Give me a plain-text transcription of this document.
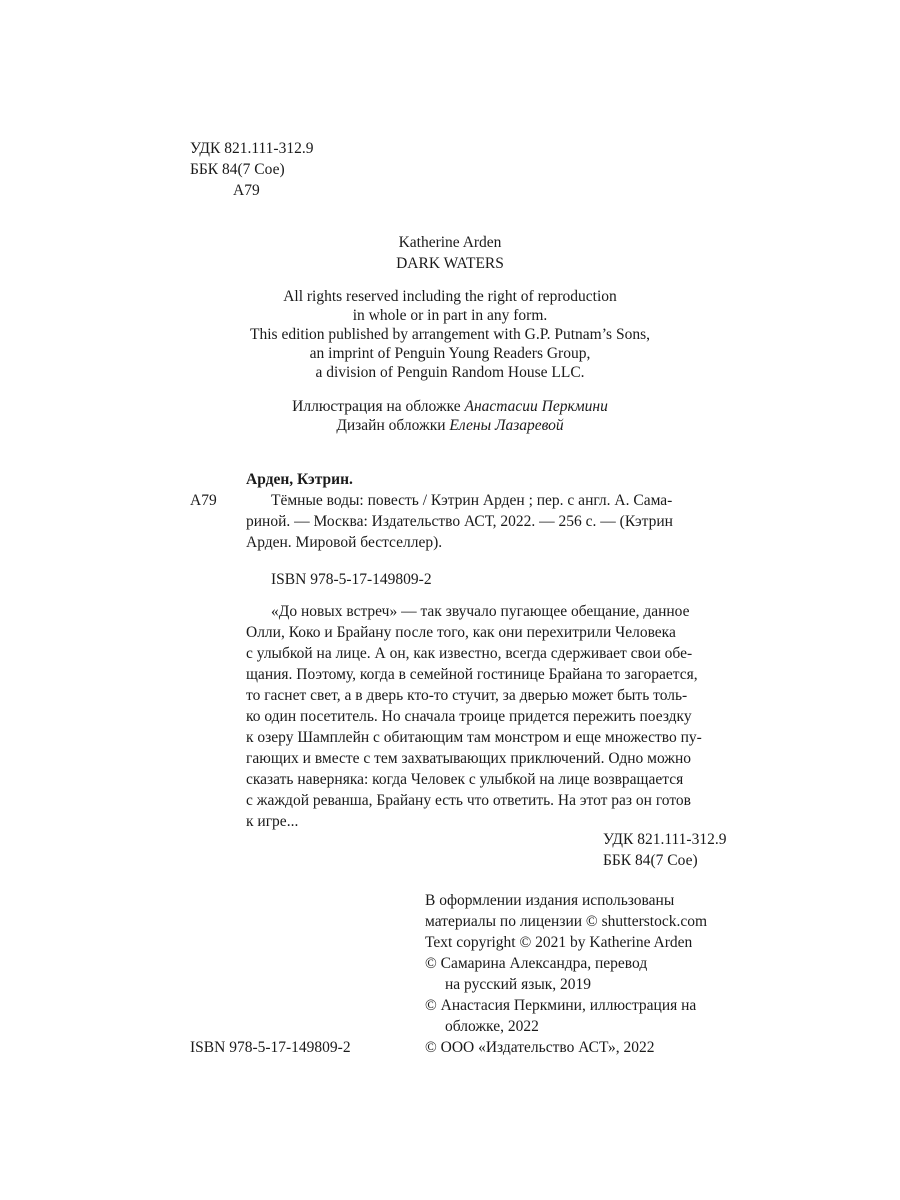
УДК 821.111-312.9
ББК 84(7 Сое)
А79
Katherine Arden
DARK WATERS
All rights reserved including the right of reproduction
in whole or in part in any form.
This edition published by arrangement with G.P. Putnam’s Sons,
an imprint of Penguin Young Readers Group,
a division of Penguin Random House LLC.
Иллюстрация на обложке Анастасии Перкмини
Дизайн обложки Елены Лазаревой
Арден, Кэтрин.
А79	Тёмные воды: повесть / Кэтрин Арден ; пер. с англ. А. Сама-
риной. — Москва: Издательство АСТ, 2022. — 256 с. — (Кэтрин
Арден. Мировой бестселлер).
ISBN 978-5-17-149809-2
«До новых встреч» — так звучало пугающее обещание, данное
Олли, Коко и Брайану после того, как они перехитрили Человека
с улыбкой на лице. А он, как известно, всегда сдерживает свои обе-
щания. Поэтому, когда в семейной гостинице Брайана то загорается,
то гаснет свет, а в дверь кто-то стучит, за дверью может быть толь-
ко один посетитель. Но сначала троице придется пережить поездку
к озеру Шамплейн с обитающим там монстром и еще множество пу-
гающих и вместе с тем захватывающих приключений. Одно можно
сказать наверняка: когда Человек с улыбкой на лице возвращается
с жаждой реванша, Брайану есть что ответить. На этот раз он готов
к игре...
УДК 821.111-312.9
ББК 84(7 Сое)
В оформлении издания использованы
материалы по лицензии © shutterstock.com
Text copyright © 2021 by Katherine Arden
© Самарина Александра, перевод
на русский язык, 2019
© Анастасия Перкмини, иллюстрация на
обложке, 2022
© ООО «Издательство АСТ», 2022
ISBN 978-5-17-149809-2
